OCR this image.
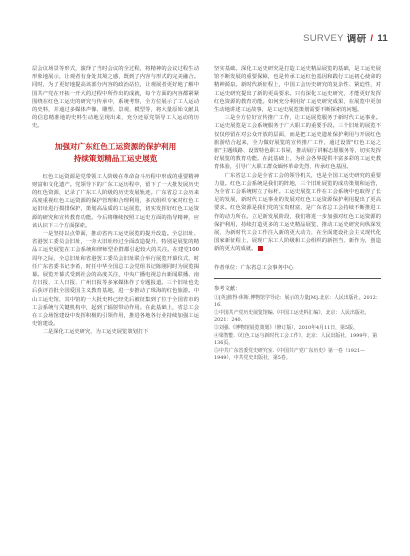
SURVEY 调研 / 11

层会议场景等形式，演绎了当时会议的全过程，将精神的会议过程生动形象地展示，让观者有身处其境之感，既到了内容与形式的完美融合。同时，为了更好地提高该部分内容的政治站位，让观展者更好地了解中国共产党在开拓一开大的过程中所作出的成就，每个方面的内容都紧紧围绕在红色工运史的研究与传承中，系统考察，全方位展示了工人运动的史料，并通过多媒体声像、雕塑、景观、模型等，将大量原始文献具的信息精准地的史料生动地呈现出来，充分还原党领导工人运动的历史。

加强对广东红色工运资源的保护利用
持续策划精品工运史展览

红色工运资源是党带领工人阶级在革命奋斗历程中形成的重要精神财富和文化遗产。党领导下的广东工运历程中，留下了一大批发展历史的红色资源，记录了广东工人阶级的历史发展轨迹。广东省总工会历来高度重视红色工运资源的保护管理和合理利用，多次组织专家对红色工运旧址进行摸排保护，策划高品质的工运展览，切实发挥好红色工运资源的研究和宣传教育功能。今后将继续按照工运史方面的指导精神，应该认识下三个方面探索。

一是坚持以点带面，推动省内工运史展览的提升改造。全总旧址、省港罢工委员会旧址，一旁大旧址经过全面改造提升，特别是展览的精品工运史展览在工会系统和律师型企群都引起较大的关注。在建党100周年之际，全总旧址和省港罢工委员会旧址联合举行展览开幕仪式，时任广东省委书记李希，时任中华全国总工会党组书记陈刚同时为展览揭幕。展览开幕式受到社会的高度关注，中央广播电视总台新闻联播、南方日报、工人日报、广州日报等多家媒体作了专题报道。三个旧址也先后获评首批全国爱国主义教育基地，进一步推动了珠海的红色旅游。中山工运史馆，其中馆的一大批史料已经先后被征集到了位于全国省市的工会系统与关键机构中，起到了辐射带动作用。在此基础上，省总工会在工会场馆建设中发挥积极的引领作用，推进各地各行业持续加强工运史馆建设。

二是深化工运史研究，为工运史展览策划打下

坚实基础。深化工运史研究是打造工运史精品展览的基础，是工运史展馆不断发展的重要保障，也是传承工运红色基因和践行工运初心使命的精神源泉。新时代新征程上，中国工会历史研究的复杂性、紧迫性，对工运史研究提出了新的更高要求。只有深化工运史研究，才能更好发挥红色资源的教育功能。如何充分利用好工运史研究成果，在展览中更加生动地讲述工运故事，是工运史展览策划需要不断探索的问题。

三是全方位好宣传推广工作，让工运展览服务于新时代工运事业。工运史展览是工会系统服务于广大职工的重要手段。三个旧址的展览不仅仅停留在对公众开放的层面，而是把工运史遗址保护利用与开展红色旅游结合起来，全力做好展览的宣传推广工作，通过设置"红色工运之旅"主题线路、设置特色职工书屋，推动展厅讲解志愿服务等，切实发挥好展览的教育功能。在此基础上，为社会各界提供丰富多彩的工运史教育体验，引导广大职工群众缅怀革命先烈、传承红色基因。

广东省总工会是全省工会的领导机关，也是全国工运史研究的重要力量。红色工会系统是我们的阵地，三个旧址展览的成功策划和运营，为全省工会系统树立了标杆。工运史展览工作在工会系统中也取得了长足的发展，新时代工运事业的发展对红色工运资源保护利用提出了更高要求。红色资源是我们党的宝贵财富，是广东省总工会持续不断推进工作的动力所在。立足新发展阶段，我们将进一步加强对红色工运资源的保护利用，持续打造更多的工运史精品展览，推动工运史研究向纵深发展，为新时代工会工作注入新的更大动力，在全面建设社会主义现代化国家新征程上，展现广东工人阶级和工会组织的新担当、新作为，创造新的更大的成就。

作者单位：广东省总工会事务中心
参考文献：
①[英]彼得·休斯.博物馆学导论：展示的力量[M].北京：人民出版社，2012：16.
②中国共产党历史展览馆编.《中国工运史料汇编》，北京：人民出版社，2021：240.
③刘强.《博物馆展览策划》（修订版），2010年4月11日，第5版。
④梁智能.《红色工运与新时代工会工作》，北京：人民出版社，1999年，第136页。
⑤中共广东省委党史研究室.《中国共产党广东历史》第一卷（1921—1949），中共党史出版社，第5卷。
